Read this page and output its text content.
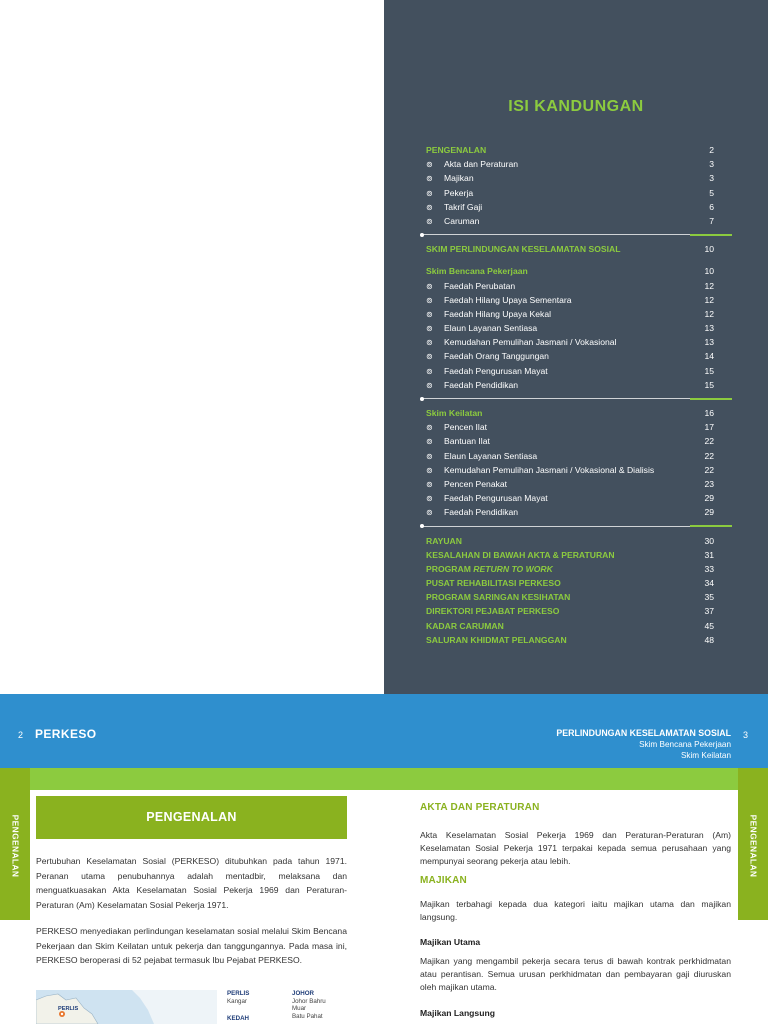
ISI KANDUNGAN
PENGENALAN	2
⊚ Akta dan Peraturan	3
⊚ Majikan	3
⊚ Pekerja	5
⊚ Takrif Gaji	6
⊚ Caruman	7
SKIM PERLINDUNGAN KESELAMATAN SOSIAL	10
Skim Bencana Pekerjaan	10
⊚ Faedah Perubatan	12
⊚ Faedah Hilang Upaya Sementara	12
⊚ Faedah Hilang Upaya Kekal	12
⊚ Elaun Layanan Sentiasa	13
⊚ Kemudahan Pemulihan Jasmani / Vokasional	13
⊚ Faedah Orang Tanggungan	14
⊚ Faedah Pengurusan Mayat	15
⊚ Faedah Pendidikan	15
Skim Keilatan	16
⊚ Pencen Ilat	17
⊚ Bantuan Ilat	22
⊚ Elaun Layanan Sentiasa	22
⊚ Kemudahan Pemulihan Jasmani / Vokasional & Dialisis	22
⊚ Pencen Penakat	23
⊚ Faedah Pengurusan Mayat	29
⊚ Faedah Pendidikan	29
RAYUAN	30
KESALAHAN DI BAWAH AKTA & PERATURAN	31
PROGRAM RETURN TO WORK	33
PUSAT REHABILITASI PERKESO	34
PROGRAM SARINGAN KESIHATAN	35
DIREKTORI PEJABAT PERKESO	37
KADAR CARUMAN	45
SALURAN KHIDMAT PELANGGAN	48
2 PERKESO	PERLINDUNGAN KESELAMATAN SOSIAL
Skim Bencana Pekerjaan
Skim Keilatan
3
PENGENALAN	PENGENALAN
PENGENALAN
Pertubuhan Keselamatan Sosial (PERKESO) ditubuhkan pada tahun 1971. Peranan utama penubuhannya adalah mentadbir, melaksana dan menguatkuasakan Akta Keselamatan Sosial Pekerja 1969 dan Peraturan-Peraturan (Am) Keselamatan Sosial Pekerja 1971.
PERKESO menyediakan perlindungan keselamatan sosial melalui Skim Bencana Pekerjaan dan Skim Keilatan untuk pekerja dan tanggungannya. Pada masa ini, PERKESO beroperasi di 52 pejabat termasuk Ibu Pejabat PERKESO.
PERLIS
PERLIS
Kangar
JOHOR
Johor Bahru
Muar
Batu Pahat
KEDAH
AKTA DAN PERATURAN
Akta Keselamatan Sosial Pekerja 1969 dan Peraturan-Peraturan (Am) Keselamatan Sosial Pekerja 1971 terpakai kepada semua perusahaan yang mempunyai seorang pekerja atau lebih.
MAJIKAN
Majikan terbahagi kepada dua kategori iaitu majikan utama dan majikan langsung.
Majikan Utama
Majikan yang mengambil pekerja secara terus di bawah kontrak perkhidmatan atau perantisan. Semua urusan perkhidmatan dan pembayaran gaji diuruskan oleh majikan utama.
Majikan Langsung
